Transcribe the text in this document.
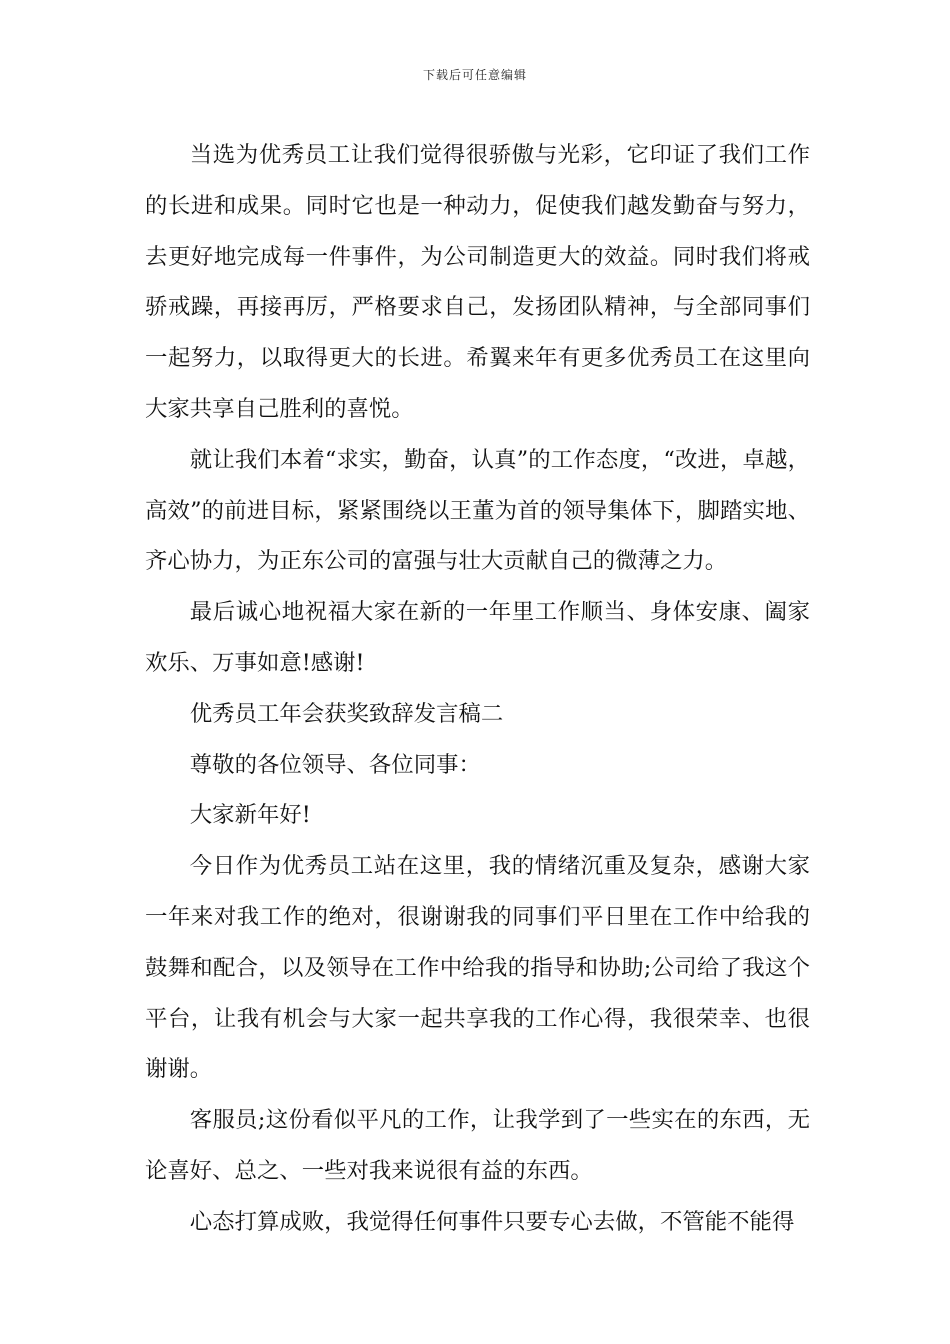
下载后可任意编辑

当选为优秀员工让我们觉得很骄傲与光彩，它印证了我们工作的长进和成果。同时它也是一种动力，促使我们越发勤奋与努力，去更好地完成每一件事件，为公司制造更大的效益。同时我们将戒骄戒躁，再接再厉，严格要求自己，发扬团队精神，与全部同事们一起努力，以取得更大的长进。希翼来年有更多优秀员工在这里向大家共享自己胜利的喜悦。

就让我们本着“求实，勤奋，认真”的工作态度，“改进，卓越，高效”的前进目标，紧紧围绕以王董为首的领导集体下，脚踏实地、齐心协力，为正东公司的富强与壮大贡献自己的微薄之力。

最后诚心地祝福大家在新的一年里工作顺当、身体安康、阖家欢乐、万事如意!感谢!

优秀员工年会获奖致辞发言稿二

尊敬的各位领导、各位同事：

大家新年好!

今日作为优秀员工站在这里，我的情绪沉重及复杂，感谢大家一年来对我工作的绝对，很谢谢我的同事们平日里在工作中给我的鼓舞和配合，以及领导在工作中给我的指导和协助;公司给了我这个平台，让我有机会与大家一起共享我的工作心得，我很荣幸、也很谢谢。

客服员;这份看似平凡的工作，让我学到了一些实在的东西，无论喜好、总之、一些对我来说很有益的东西。

心态打算成败，我觉得任何事件只要专心去做，不管能不能得
